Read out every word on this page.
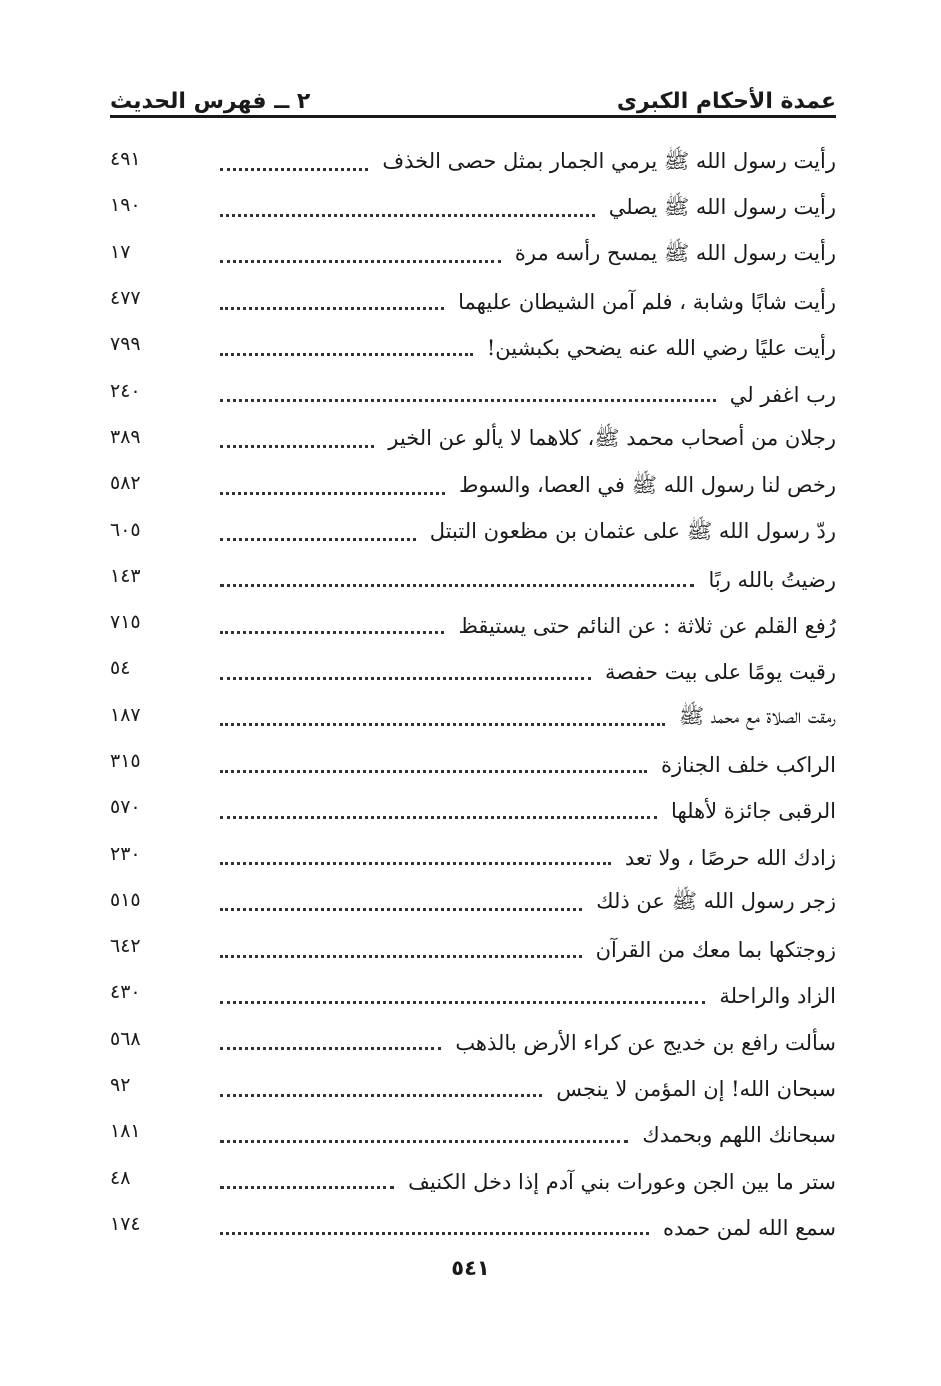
عمدة الأحكام الكبرى
٢ ــ فهرس الحديث
رأيت رسول الله ﷺ يرمي الجمار بمثل حصى الخذف
٤٩١
رأيت رسول الله ﷺ يصلي
١٩٠
رأيت رسول الله ﷺ يمسح رأسه مرة
١٧
رأيت شابًا وشابة ، فلم آمن الشيطان عليهما
٤٧٧
رأيت عليًا رضي الله عنه يضحي بكبشين!
٧٩٩
رب اغفر لي
٢٤٠
رجلان من أصحاب محمد ﷺ، كلاهما لا يألو عن الخير
٣٨٩
رخص لنا رسول الله ﷺ في العصا، والسوط
٥٨٢
ردّ رسول الله ﷺ على عثمان بن مظعون التبتل
٦٠٥
رضيتُ بالله ربًا
١٤٣
رُفع القلم عن ثلاثة : عن النائم حتى يستيقظ
٧١٥
رقيت يومًا على بيت حفصة
٥٤
رمقت الصلاة مع محمد ﷺ
١٨٧
الراكب خلف الجنازة
٣١٥
الرقبى جائزة لأهلها
٥٧٠
زادك الله حرصًا ، ولا تعد
٢٣٠
زجر رسول الله ﷺ عن ذلك
٥١٥
زوجتكها بما معك من القرآن
٦٤٢
الزاد والراحلة
٤٣٠
سألت رافع بن خديج عن كراء الأرض بالذهب
٥٦٨
سبحان الله! إن المؤمن لا ينجس
٩٢
سبحانك اللهم وبحمدك
١٨١
ستر ما بين الجن وعورات بني آدم إذا دخل الكنيف
٤٨
سمع الله لمن حمده
١٧٤
٥٤١
